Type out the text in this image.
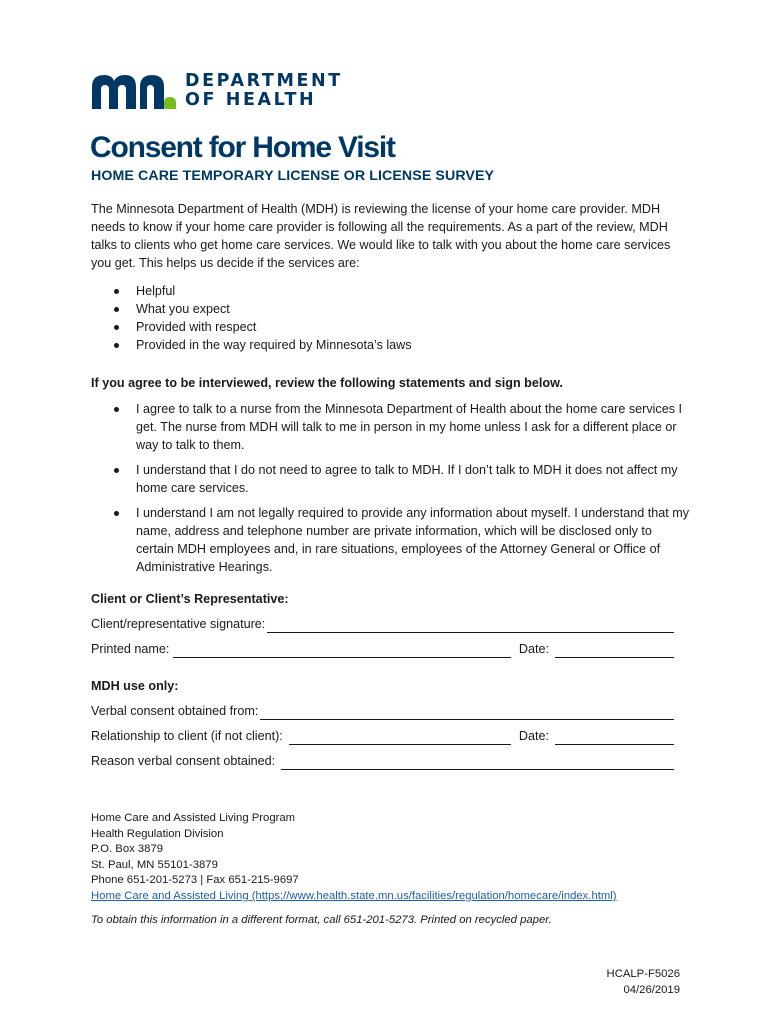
DEPARTMENT
OF HEALTH
Consent for Home Visit
HOME CARE TEMPORARY LICENSE OR LICENSE SURVEY

The Minnesota Department of Health (MDH) is reviewing the license of your home care provider. MDH needs to know if your home care provider is following all the requirements. As a part of the review, MDH talks to clients who get home care services. We would like to talk with you about the home care services you get. This helps us decide if the services are:

Helpful
What you expect
Provided with respect
Provided in the way required by Minnesota’s laws

If you agree to be interviewed, review the following statements and sign below.

I agree to talk to a nurse from the Minnesota Department of Health about the home care services I get. The nurse from MDH will talk to me in person in my home unless I ask for a different place or way to talk to them.
I understand that I do not need to agree to talk to MDH. If I don’t talk to MDH it does not affect my home care services.
I understand I am not legally required to provide any information about myself. I understand that my name, address and telephone number are private information, which will be disclosed only to certain MDH employees and, in rare situations, employees of the Attorney General or Office of Administrative Hearings.

Client or Client’s Representative:

Client/representative signature:
Printed name:	Date:

MDH use only:

Verbal consent obtained from:
Relationship to client (if not client):	Date:
Reason verbal consent obtained:

Home Care and Assisted Living Program

Health Regulation Division

P.O. Box 3879

St. Paul, MN 55101-3879

Phone 651-201-5273 | Fax 651-215-9697

Home Care and Assisted Living (https://www.health.state.mn.us/facilities/regulation/homecare/index.html)

To obtain this information in a different format, call 651-201-5273. Printed on recycled paper.

HCALP-F5026

04/26/2019
